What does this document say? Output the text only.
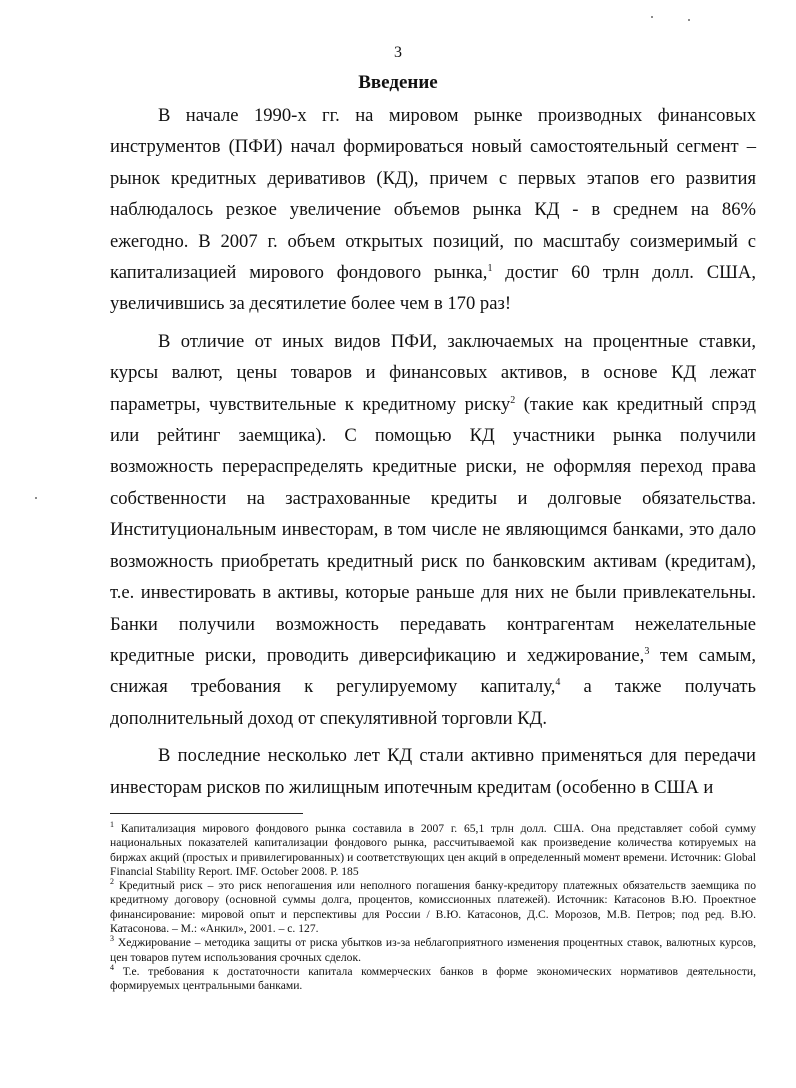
3
Введение

В начале 1990-х гг. на мировом рынке производных финансовых инструментов (ПФИ) начал формироваться новый самостоятельный сегмент – рынок кредитных деривативов (КД), причем с первых этапов его развития наблюдалось резкое увеличение объемов рынка КД - в среднем на 86% ежегодно. В 2007 г. объем открытых позиций, по масштабу соизмеримый с капитализацией мирового фондового рынка,$^1$ достиг 60 трлн долл. США, увеличившись за десятилетие более чем в 170 раз!

В отличие от иных видов ПФИ, заключаемых на процентные ставки, курсы валют, цены товаров и финансовых активов, в основе КД лежат параметры, чувствительные к кредитному риску$^2$ (такие как кредитный спрэд или рейтинг заемщика). С помощью КД участники рынка получили возможность перераспределять кредитные риски, не оформляя переход права собственности на застрахованные кредиты и долговые обязательства. Институциональным инвесторам, в том числе не являющимся банками, это дало возможность приобретать кредитный риск по банковским активам (кредитам), т.е. инвестировать в активы, которые раньше для них не были привлекательны. Банки получили возможность передавать контрагентам нежелательные кредитные риски, проводить диверсификацию и хеджирование,$^3$ тем самым, снижая требования к регулируемому капиталу,$^4$ а также получать дополнительный доход от спекулятивной торговли КД.

В последние несколько лет КД стали активно применяться для передачи инвесторам рисков по жилищным ипотечным кредитам (особенно в США и

$^1$ Капитализация мирового фондового рынка составила в 2007 г. 65,1 трлн долл. США. Она представляет собой сумму национальных показателей капитализации фондового рынка, рассчитываемой как произведение количества котируемых на биржах акций (простых и привилегированных) и соответствующих цен акций в определенный момент времени. Источник: Global Financial Stability Report. IMF. October 2008. P. 185

$^2$ Кредитный риск – это риск непогашения или неполного погашения банку-кредитору платежных обязательств заемщика по кредитному договору (основной суммы долга, процентов, комиссионных платежей). Источник: Катасонов В.Ю. Проектное финансирование: мировой опыт и перспективы для России / В.Ю. Катасонов, Д.С. Морозов, М.В. Петров; под ред. В.Ю. Катасонова. – М.: «Анкил», 2001. – с. 127.

$^3$ Хеджирование – методика защиты от риска убытков из-за неблагоприятного изменения процентных ставок, валютных курсов, цен товаров путем использования срочных сделок.

$^4$ Т.е. требования к достаточности капитала коммерческих банков в форме экономических нормативов деятельности, формируемых центральными банками.
